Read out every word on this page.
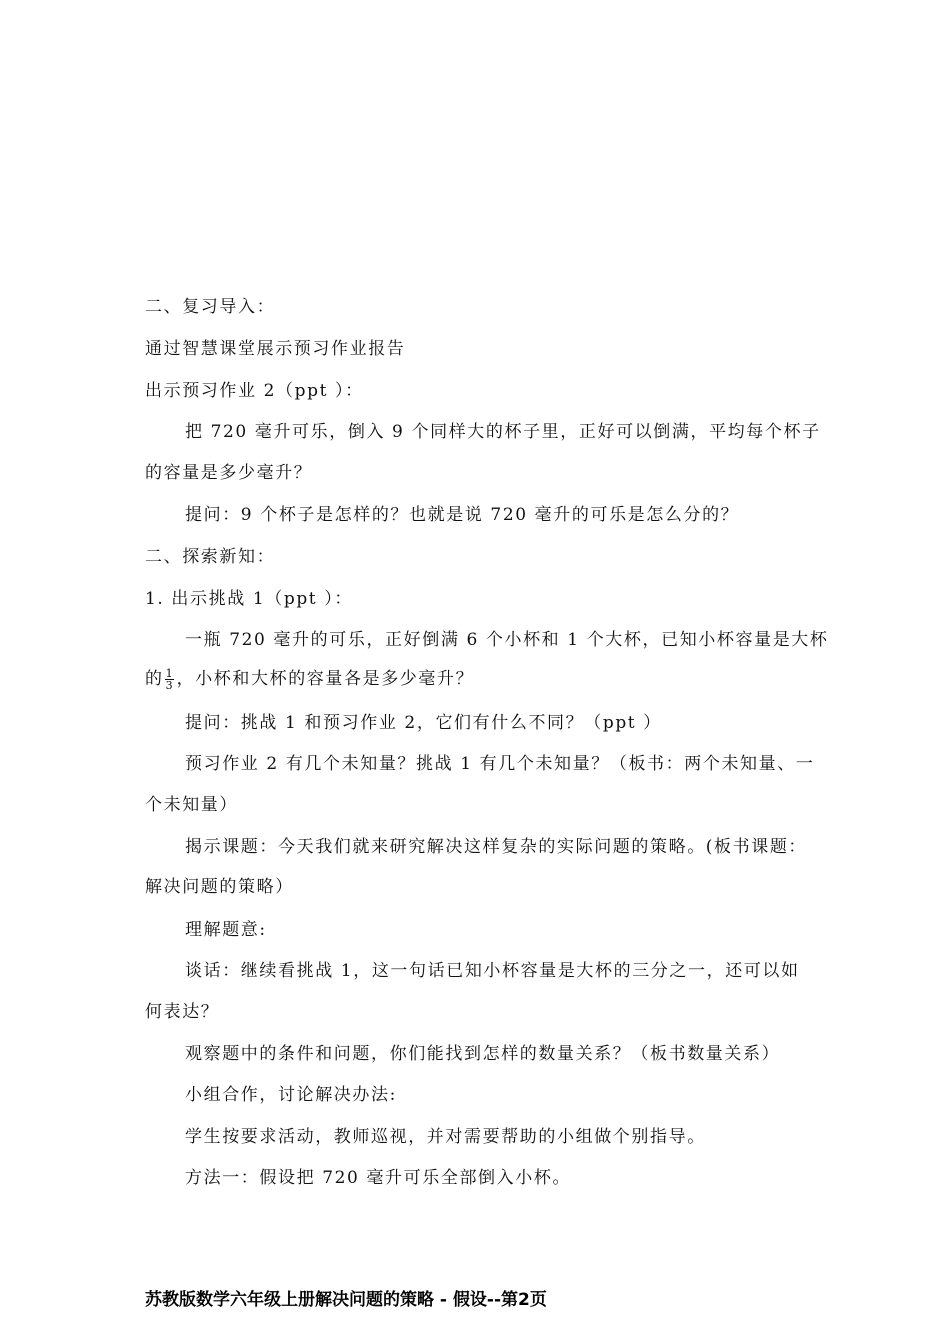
二、复习导入：
通过智慧课堂展示预习作业报告
出示预习作业 2（ppt ）：
把 720 毫升可乐，倒入 9 个同样大的杯子里，正好可以倒满，平均每个杯子
的容量是多少毫升？
提问：9 个杯子是怎样的？也就是说 720 毫升的可乐是怎么分的？
二、探索新知：
1. 出示挑战 1（ppt ）：
一瓶 720 毫升的可乐，正好倒满 6 个小杯和 1 个大杯，已知小杯容量是大杯
的 $\frac{1}{3}$ ，小杯和大杯的容量各是多少毫升？
提问：挑战 1 和预习作业 2，它们有什么不同？（ppt ）
预习作业 2 有几个未知量？挑战 1 有几个未知量？（板书：两个未知量、一
个未知量）
揭示课题：今天我们就来研究解决这样复杂的实际问题的策略。(板书课题：
解决问题的策略）
理解题意:
谈话：继续看挑战 1，这一句话已知小杯容量是大杯的三分之一，还可以如
何表达？
观察题中的条件和问题，你们能找到怎样的数量关系？（板书数量关系）
小组合作，讨论解决办法:
学生按要求活动，教师巡视，并对需要帮助的小组做个别指导。
方法一：假设把 720 毫升可乐全部倒入小杯。
苏教版数学六年级上册解决问题的策略 - 假设--第2页
